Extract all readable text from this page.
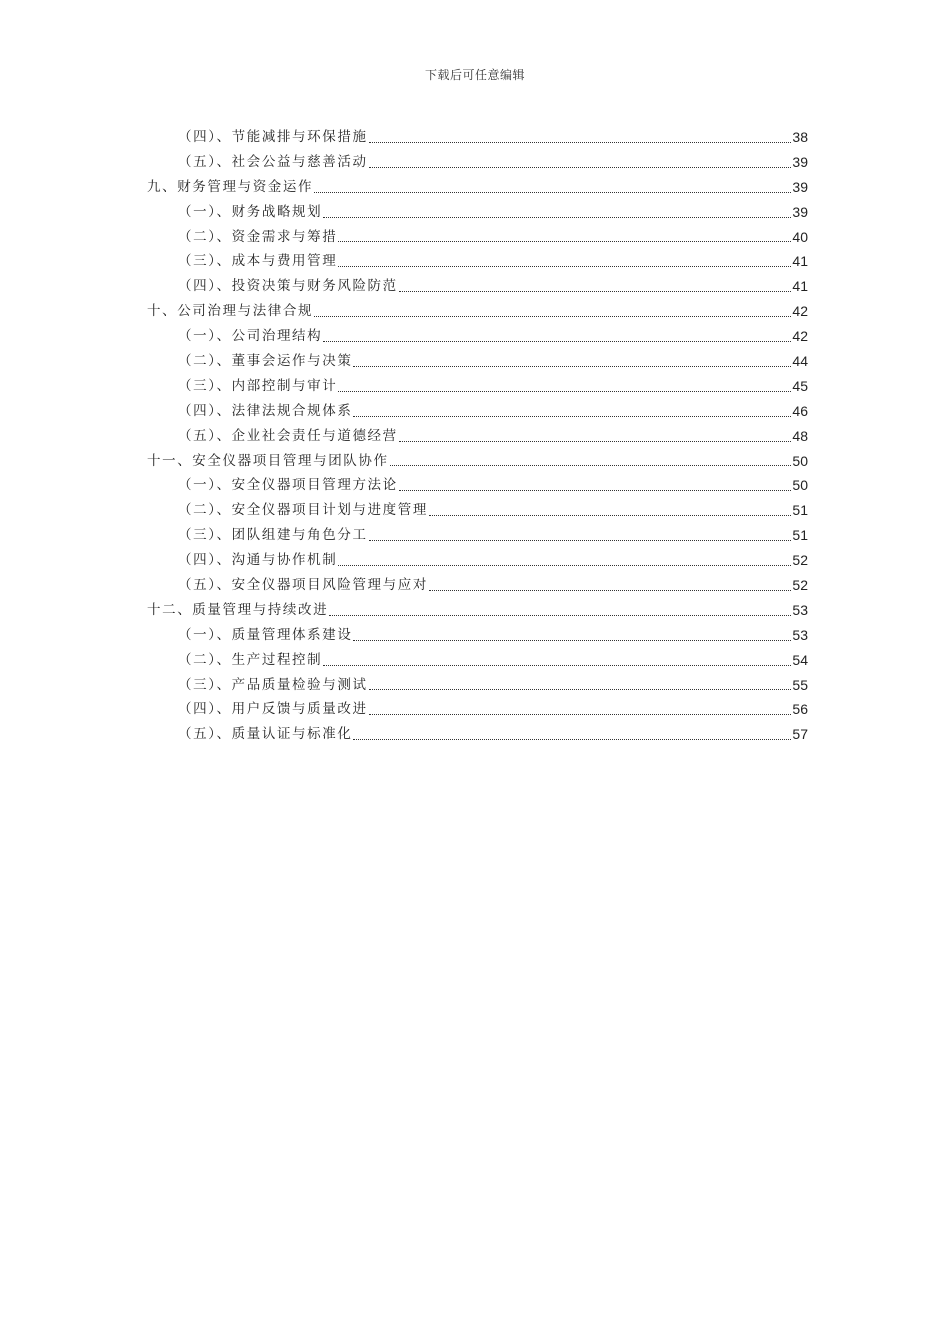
下载后可任意编辑
（四）、节能减排与环保措施	38
（五）、社会公益与慈善活动	39
九、财务管理与资金运作	39
（一）、财务战略规划	39
（二）、资金需求与筹措	40
（三）、成本与费用管理	41
（四）、投资决策与财务风险防范	41
十、公司治理与法律合规	42
（一）、公司治理结构	42
（二）、董事会运作与决策	44
（三）、内部控制与审计	45
（四）、法律法规合规体系	46
（五）、企业社会责任与道德经营	48
十一、安全仪器项目管理与团队协作	50
（一）、安全仪器项目管理方法论	50
（二）、安全仪器项目计划与进度管理	51
（三）、团队组建与角色分工	51
（四）、沟通与协作机制	52
（五）、安全仪器项目风险管理与应对	52
十二、质量管理与持续改进	53
（一）、质量管理体系建设	53
（二）、生产过程控制	54
（三）、产品质量检验与测试	55
（四）、用户反馈与质量改进	56
（五）、质量认证与标准化	57
